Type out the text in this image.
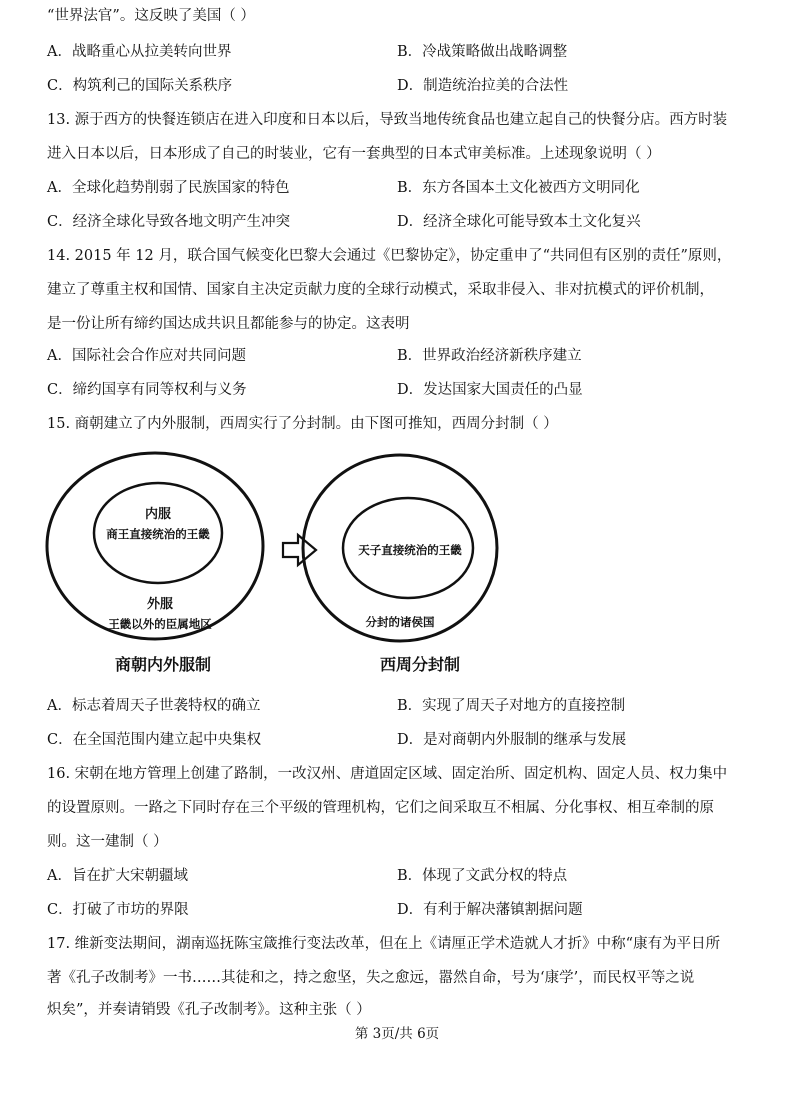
“世界法官”。这反映了美国（ ）
A．战略重心从拉美转向世界	B．冷战策略做出战略调整
C．构筑利己的国际关系秩序	D．制造统治拉美的合法性
13. 源于西方的快餐连锁店在进入印度和日本以后，导致当地传统食品也建立起自己的快餐分店。西方时装
进入日本以后，日本形成了自己的时装业，它有一套典型的日本式审美标准。上述现象说明（ ）
A．全球化趋势削弱了民族国家的特色	B．东方各国本土文化被西方文明同化
C．经济全球化导致各地文明产生冲突	D．经济全球化可能导致本土文化复兴
14. 2015 年 12 月，联合国气候变化巴黎大会通过《巴黎协定》，协定重申了“共同但有区别的责任”原则，
建立了尊重主权和国情、国家自主决定贡献力度的全球行动模式，采取非侵入、非对抗模式的评价机制，
是一份让所有缔约国达成共识且都能参与的协定。这表明
A．国际社会合作应对共同问题	B．世界政治经济新秩序建立
C．缔约国享有同等权利与义务	D．发达国家大国责任的凸显
15. 商朝建立了内外服制，西周实行了分封制。由下图可推知，西周分封制（ ）
内服
商王直接统治的王畿
外服
王畿以外的臣属地区
商朝内外服制
天子直接统治的王畿
分封的诸侯国
西周分封制
A．标志着周天子世袭特权的确立	B．实现了周天子对地方的直接控制
C．在全国范围内建立起中央集权	D．是对商朝内外服制的继承与发展
16. 宋朝在地方管理上创建了路制，一改汉州、唐道固定区域、固定治所、固定机构、固定人员、权力集中
的设置原则。一路之下同时存在三个平级的管理机构，它们之间采取互不相属、分化事权、相互牵制的原
则。这一建制（ ）
A．旨在扩大宋朝疆域	B．体现了文武分权的特点
C．打破了市坊的界限	D．有利于解决藩镇割据问题
17. 维新变法期间，湖南巡抚陈宝箴推行变法改革，但在上《请厘正学术造就人才折》中称“康有为平日所
著《孔子改制考》一书……其徒和之，持之愈坚，失之愈远，嚣然自命，号为‘康学’，而民权平等之说
炽矣”，并奏请销毁《孔子改制考》。这种主张（ ）
第 3页/共 6页
